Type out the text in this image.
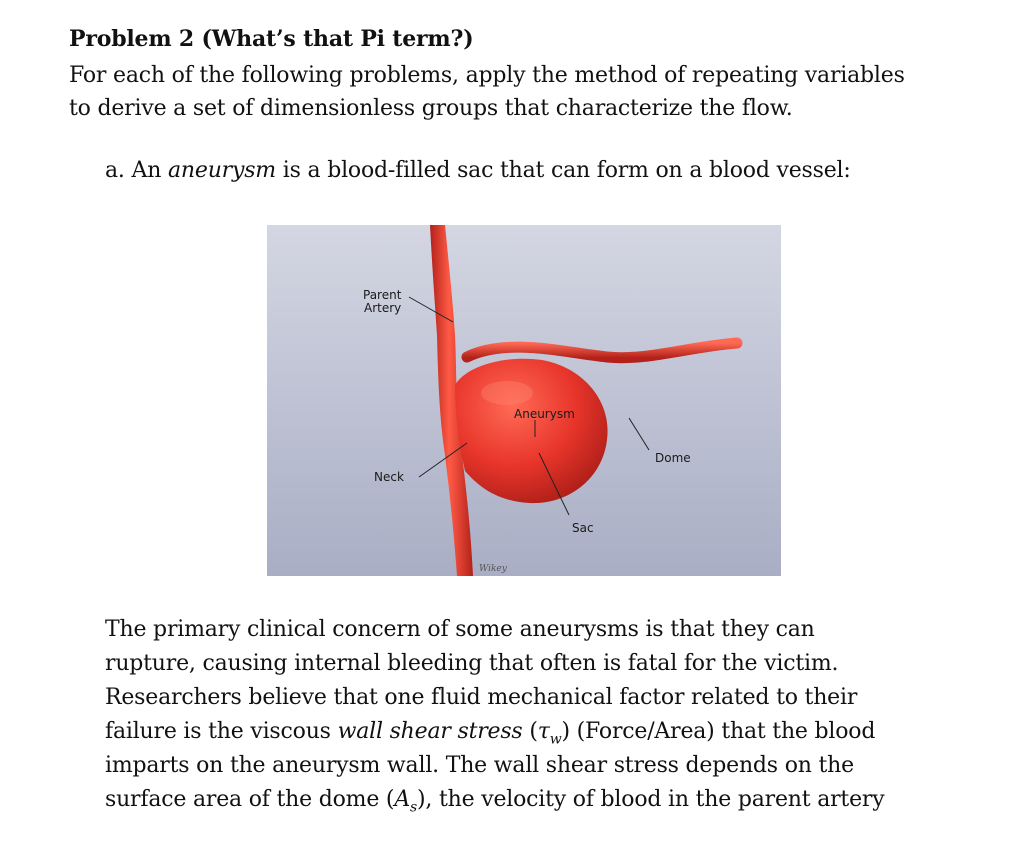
Problem 2 (What’s that Pi term?)
For each of the following problems, apply the method of repeating variables
to derive a set of dimensionless groups that characterize the flow.
a. An aneurysm is a blood-filled sac that can form on a blood vessel:
Parent
Artery
Aneurysm
Dome
Neck
Sac
Wikey
The primary clinical concern of some aneurysms is that they can
rupture, causing internal bleeding that often is fatal for the victim.
Researchers believe that one fluid mechanical factor related to their
failure is the viscous wall shear stress $(\tau_w)$ (Force/Area) that the blood
imparts on the aneurysm wall. The wall shear stress depends on the
surface area of the dome $(A_s)$, the velocity of blood in the parent artery
